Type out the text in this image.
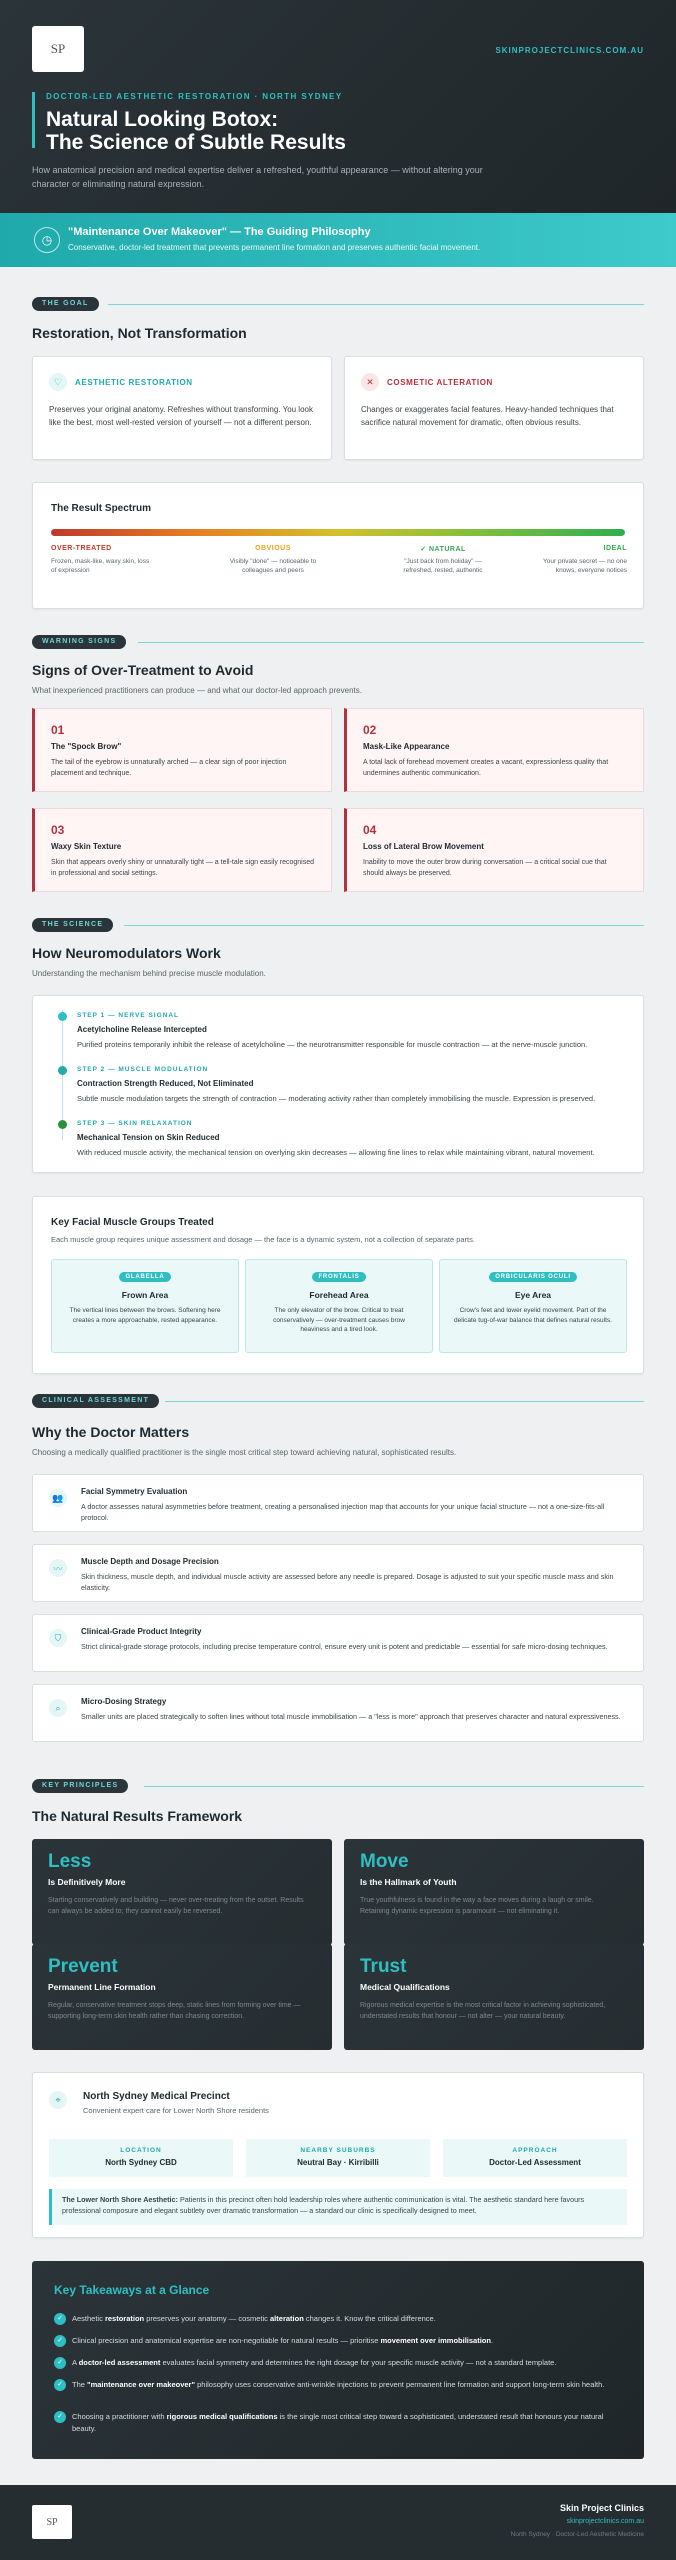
SP	SKINPROJECTCLINICS.COM.AU
DOCTOR-LED AESTHETIC RESTORATION · NORTH SYDNEY
Natural Looking Botox:
The Science of Subtle Results
How anatomical precision and medical expertise deliver a refreshed, youthful appearance — without altering your character or eliminating natural expression.
◷
"Maintenance Over Makeover" — The Guiding Philosophy
Conservative, doctor-led treatment that prevents permanent line formation and preserves authentic facial movement.
THE GOAL
Restoration, Not Transformation
♡	AESTHETIC RESTORATION
Preserves your original anatomy. Refreshes without transforming. You look like the best, most well-rested version of yourself — not a different person.
✕	COSMETIC ALTERATION
Changes or exaggerates facial features. Heavy-handed techniques that sacrifice natural movement for dramatic, often obvious results.
The Result Spectrum
OVER-TREATED
Frozen, mask-like, waxy skin, loss of expression
OBVIOUS
Visibly "done" — noticeable to colleagues and peers
✓ NATURAL
"Just back from holiday" — refreshed, rested, authentic
IDEAL
Your private secret — no one knows, everyone notices
WARNING SIGNS
Signs of Over-Treatment to Avoid
What inexperienced practitioners can produce — and what our doctor-led approach prevents.
01
The "Spock Brow"
The tail of the eyebrow is unnaturally arched — a clear sign of poor injection placement and technique.
02
Mask-Like Appearance
A total lack of forehead movement creates a vacant, expressionless quality that undermines authentic communication.
03
Waxy Skin Texture
Skin that appears overly shiny or unnaturally tight — a tell-tale sign easily recognised in professional and social settings.
04
Loss of Lateral Brow Movement
Inability to move the outer brow during conversation — a critical social cue that should always be preserved.
THE SCIENCE
How Neuromodulators Work
Understanding the mechanism behind precise muscle modulation.
STEP 1 — NERVE SIGNAL
Acetylcholine Release Intercepted
Purified proteins temporarily inhibit the release of acetylcholine — the neurotransmitter responsible for muscle contraction — at the nerve-muscle junction.
STEP 2 — MUSCLE MODULATION
Contraction Strength Reduced, Not Eliminated
Subtle muscle modulation targets the strength of contraction — moderating activity rather than completely immobilising the muscle. Expression is preserved.
STEP 3 — SKIN RELAXATION
Mechanical Tension on Skin Reduced
With reduced muscle activity, the mechanical tension on overlying skin decreases — allowing fine lines to relax while maintaining vibrant, natural movement.
Key Facial Muscle Groups Treated
Each muscle group requires unique assessment and dosage — the face is a dynamic system, not a collection of separate parts.
GLABELLA
Frown Area
The vertical lines between the brows. Softening here creates a more approachable, rested appearance.
FRONTALIS
Forehead Area
The only elevator of the brow. Critical to treat conservatively — over-treatment causes brow heaviness and a tired look.
ORBICULARIS OCULI
Eye Area
Crow's feet and lower eyelid movement. Part of the delicate tug-of-war balance that defines natural results.
CLINICAL ASSESSMENT
Why the Doctor Matters
Choosing a medically qualified practitioner is the single most critical step toward achieving natural, sophisticated results.
👥
Facial Symmetry Evaluation
A doctor assesses natural asymmetries before treatment, creating a personalised injection map that accounts for your unique facial structure — not a one-size-fits-all protocol.
〰
Muscle Depth and Dosage Precision
Skin thickness, muscle depth, and individual muscle activity are assessed before any needle is prepared. Dosage is adjusted to suit your specific muscle mass and skin elasticity.
⛉
Clinical-Grade Product Integrity
Strict clinical-grade storage protocols, including precise temperature control, ensure every unit is potent and predictable — essential for safe micro-dosing techniques.
⌕
Micro-Dosing Strategy
Smaller units are placed strategically to soften lines without total muscle immobilisation — a "less is more" approach that preserves character and natural expressiveness.
KEY PRINCIPLES
The Natural Results Framework
Less
Is Definitively More
Starting conservatively and building — never over-treating from the outset. Results can always be added to; they cannot easily be reversed.
Move
Is the Hallmark of Youth
True youthfulness is found in the way a face moves during a laugh or smile. Retaining dynamic expression is paramount — not eliminating it.
Prevent
Permanent Line Formation
Regular, conservative treatment stops deep, static lines from forming over time — supporting long-term skin health rather than chasing correction.
Trust
Medical Qualifications
Rigorous medical expertise is the most critical factor in achieving sophisticated, understated results that honour — not alter — your natural beauty.
⌖	North Sydney Medical Precinct
Convenient expert care for Lower North Shore residents
LOCATION
North Sydney CBD
NEARBY SUBURBS
Neutral Bay · Kirribilli
APPROACH
Doctor-Led Assessment
The Lower North Shore Aesthetic: Patients in this precinct often hold leadership roles where authentic communication is vital. The aesthetic standard here favours professional composure and elegant subtlety over dramatic transformation — a standard our clinic is specifically designed to meet.
Key Takeaways at a Glance
✓	Aesthetic restoration preserves your anatomy — cosmetic alteration changes it. Know the critical difference.
✓	Clinical precision and anatomical expertise are non-negotiable for natural results — prioritise movement over immobilisation.
✓	A doctor-led assessment evaluates facial symmetry and determines the right dosage for your specific muscle activity — not a standard template.
✓	The "maintenance over makeover" philosophy uses conservative anti-wrinkle injections to prevent permanent line formation and support long-term skin health.
✓	Choosing a practitioner with rigorous medical qualifications is the single most critical step toward a sophisticated, understated result that honours your natural beauty.
SP
Skin Project Clinics
skinprojectclinics.com.au
North Sydney · Doctor-Led Aesthetic Medicine
